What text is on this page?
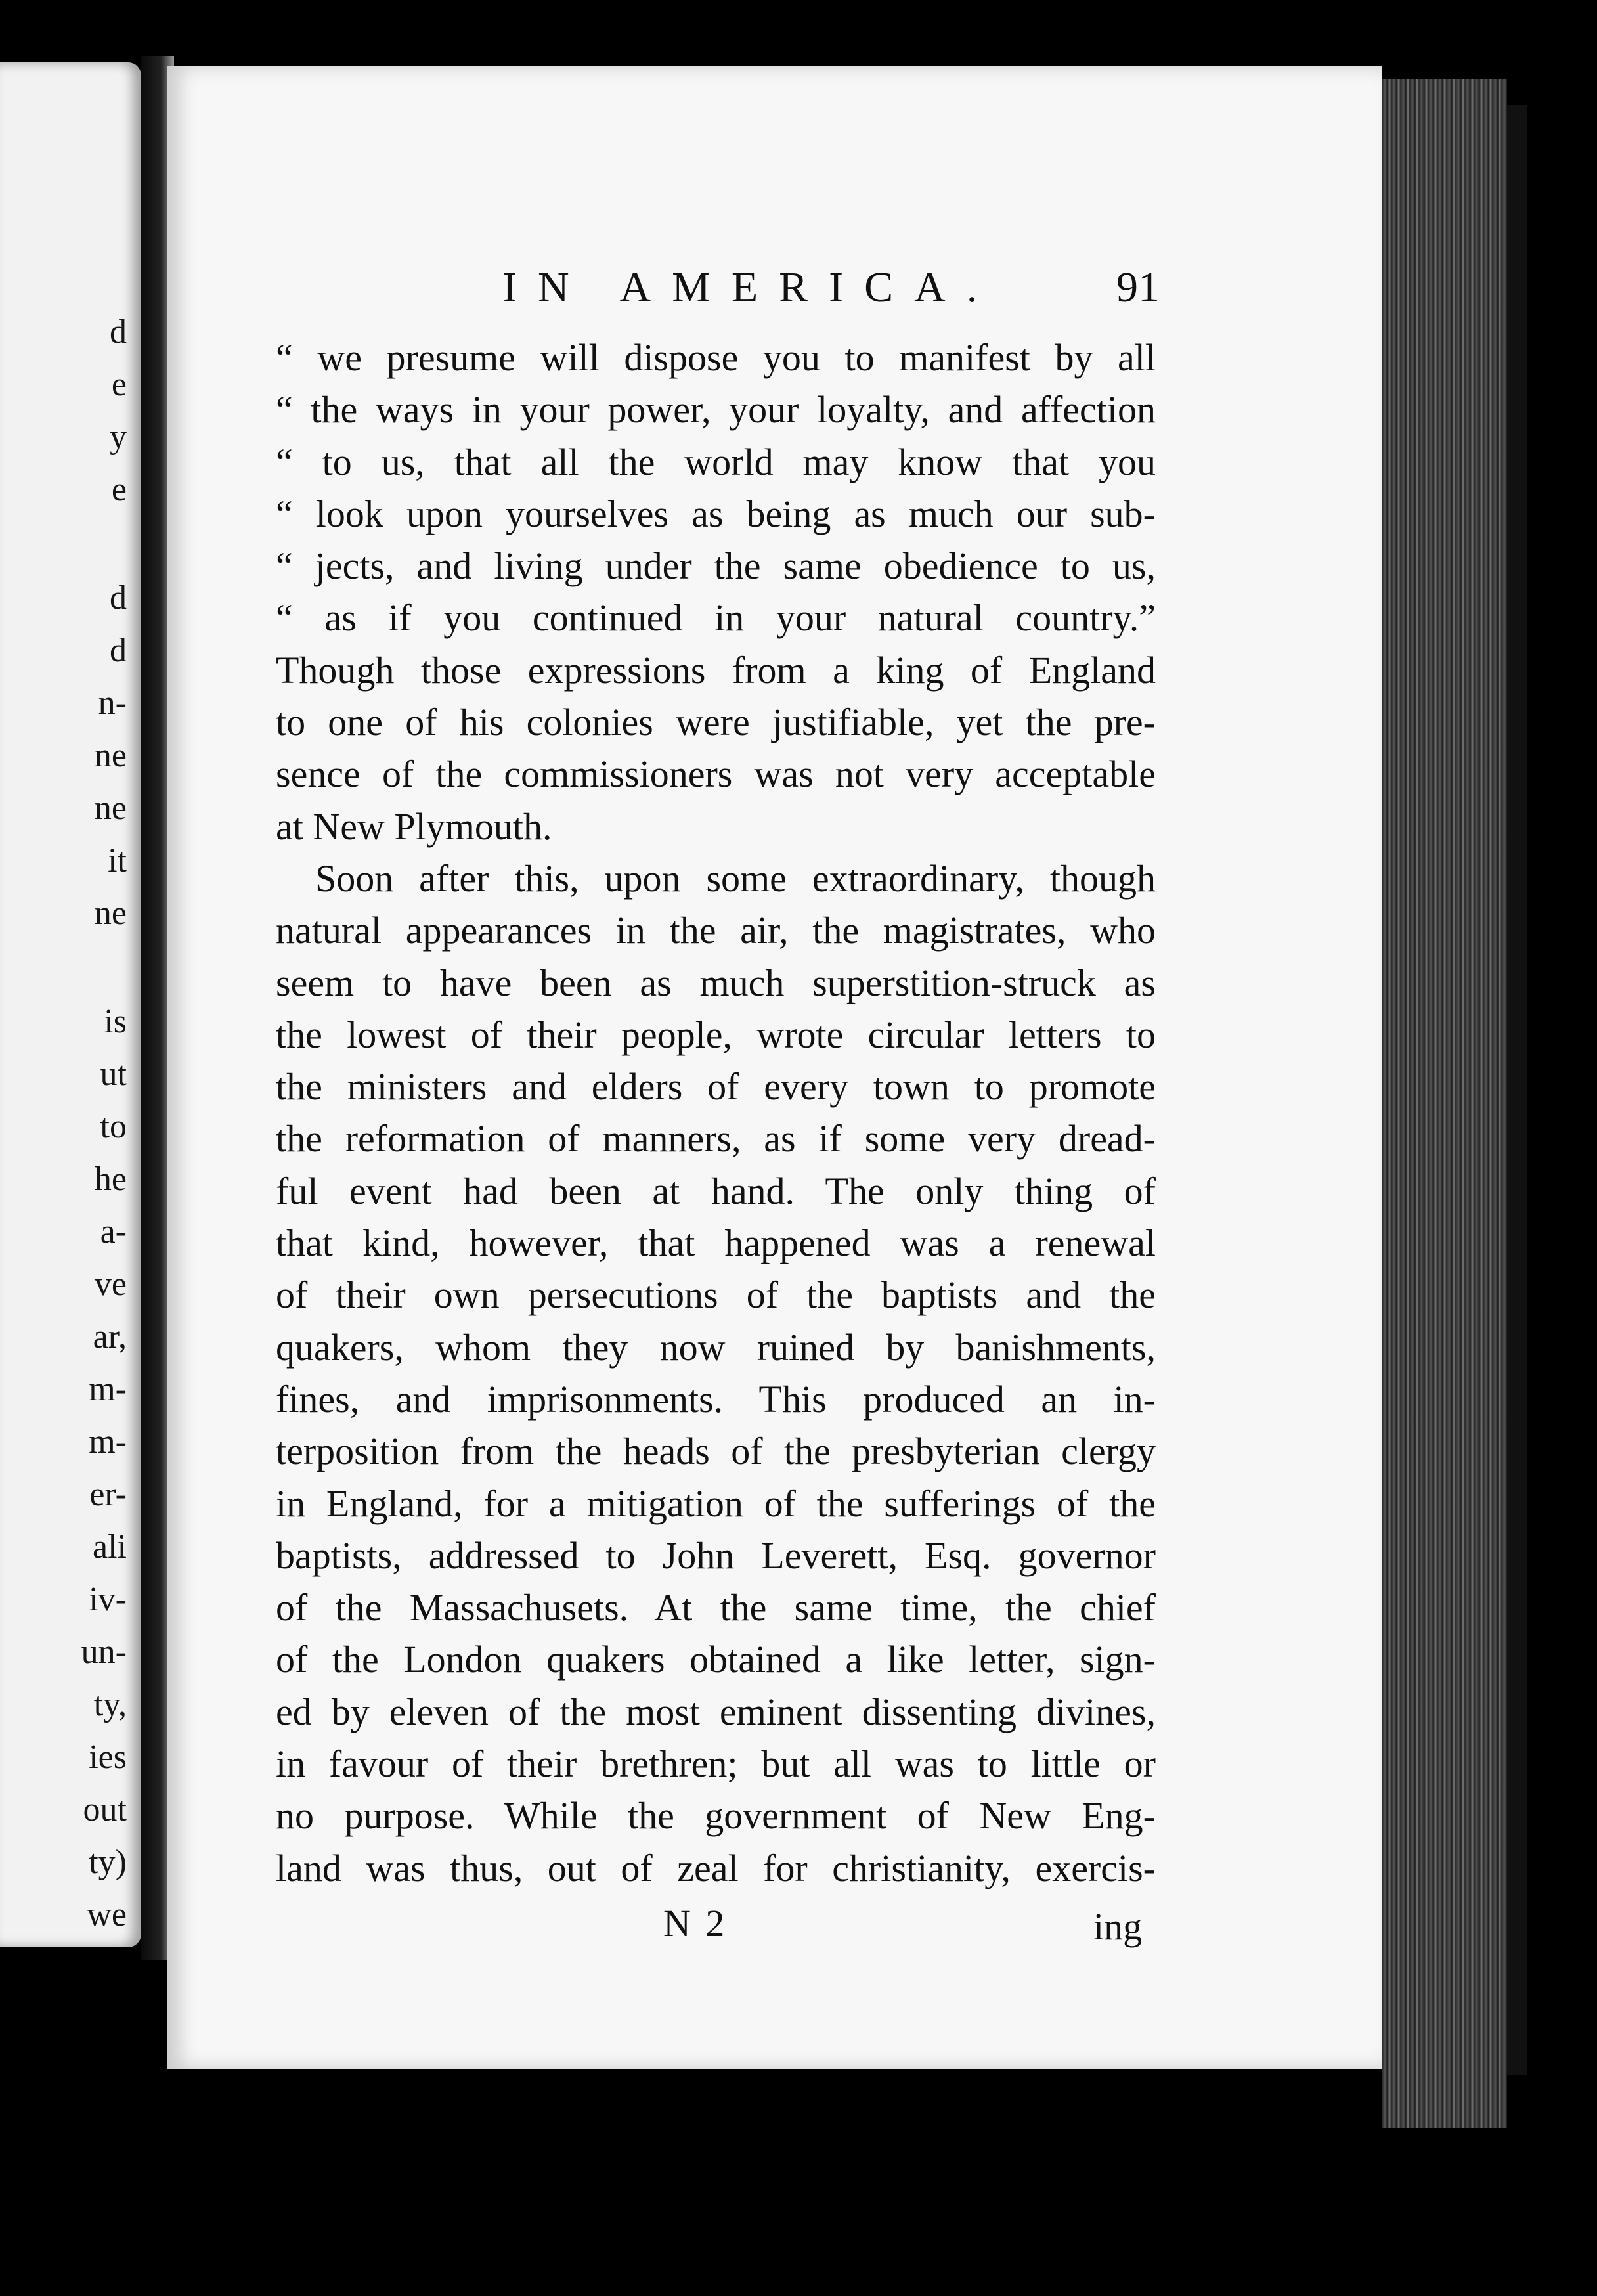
d
e
y
e
d
d
n-
ne
ne
it
ne
is
ut
to
he
a-
ve
ar,
m-
m-
er-
ali
iv-
un-
ty,
ies
out
ty)
we
IN AMERICA.	91
“ we presume will dispose you to manifest by all
“ the ways in your power, your loyalty, and affection
“ to us, that all the world may know that you
“ look upon yourselves as being as much our sub-
“ jects, and living under the same obedience to us,
“ as if you continued in your natural country.”
Though those expressions from a king of England
to one of his colonies were justifiable, yet the pre-
sence of the commissioners was not very acceptable
at New Plymouth.
Soon after this, upon some extraordinary, though
natural appearances in the air, the magistrates, who
seem to have been as much superstition-struck as
the lowest of their people, wrote circular letters to
the ministers and elders of every town to promote
the reformation of manners, as if some very dread-
ful event had been at hand. The only thing of
that kind, however, that happened was a renewal
of their own persecutions of the baptists and the
quakers, whom they now ruined by banishments,
fines, and imprisonments. This produced an in-
terposition from the heads of the presbyterian clergy
in England, for a mitigation of the sufferings of the
baptists, addressed to John Leverett, Esq. governor
of the Massachusets. At the same time, the chief
of the London quakers obtained a like letter, sign-
ed by eleven of the most eminent dissenting divines,
in favour of their brethren; but all was to little or
no purpose. While the government of New Eng-
land was thus, out of zeal for christianity, exercis-
N 2	ing
